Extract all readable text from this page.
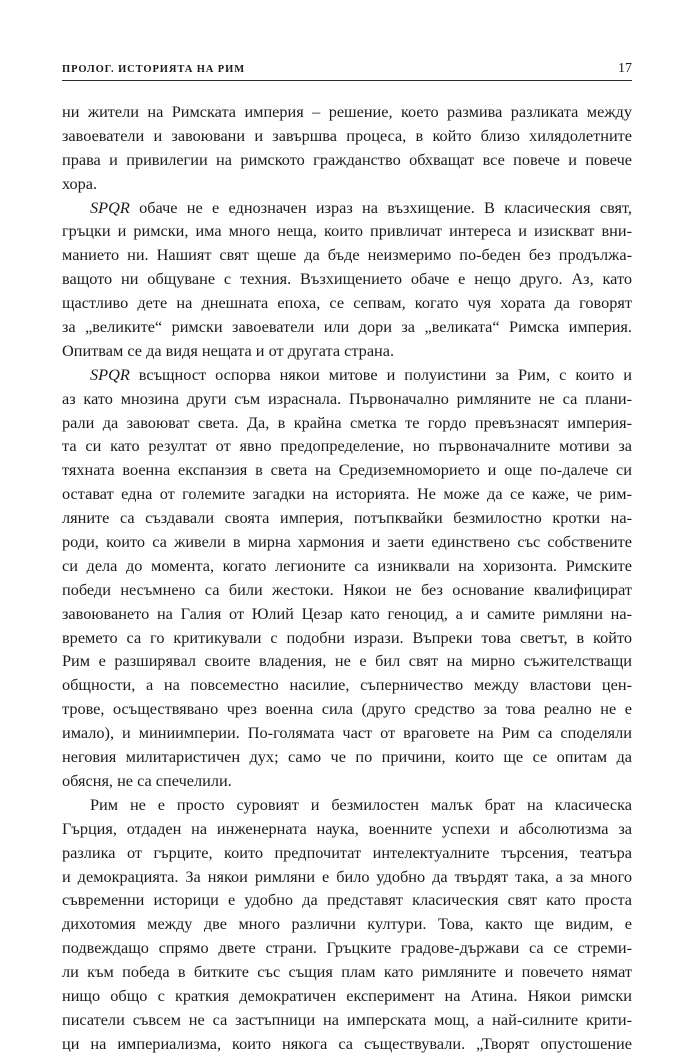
ПРОЛОГ. ИСТОРИЯТА НА РИМ	17
ни жители на Римската империя – решение, което размива разликата между
завоеватели и завоювани и завършва процеса, в който близо хилядолетните
права и привилегии на римското гражданство обхващат все повече и повече
хора.
SPQR обаче не е еднозначен израз на възхищение. В класическия свят,
гръцки и римски, има много неща, които привличат интереса и изискват вни-
манието ни. Нашият свят щеше да бъде неизмеримо по-беден без продължа-
ващото ни общуване с техния. Възхищението обаче е нещо друго. Аз, като
щастливо дете на днешната епоха, се сепвам, когато чуя хората да говорят
за „великите“ римски завоеватели или дори за „великата“ Римска империя.
Опитвам се да видя нещата и от другата страна.
SPQR всъщност оспорва някои митове и полуистини за Рим, с които и
аз като мнозина други съм израснала. Първоначално римляните не са плани-
рали да завоюват света. Да, в крайна сметка те гордо превъзнасят империя-
та си като резултат от явно предопределение, но първоначалните мотиви за
тяхната военна експанзия в света на Средиземноморието и още по-далече си
остават една от големите загадки на историята. Не може да се каже, че рим-
ляните са създавали своята империя, потъпквайки безмилостно кротки на-
роди, които са живели в мирна хармония и заети единствено със собствените
си дела до момента, когато легионите са изниквали на хоризонта. Римските
победи несъмнено са били жестоки. Някои не без основание квалифицират
завоюването на Галия от Юлий Цезар като геноцид, а и самите римляни на-
времето са го критикували с подобни изрази. Въпреки това светът, в който
Рим е разширявал своите владения, не е бил свят на мирно съжителстващи
общности, а на повсеместно насилие, съперничество между властови цен-
трове, осъществявано чрез военна сила (друго средство за това реално не е
имало), и миниимперии. По-голямата част от враговете на Рим са споделяли
неговия милитаристичен дух; само че по причини, които ще се опитам да
обясня, не са спечелили.
Рим не е просто суровият и безмилостен малък брат на класическа
Гърция, отдаден на инженерната наука, военните успехи и абсолютизма за
разлика от гърците, които предпочитат интелектуалните търсения, театъра
и демокрацията. За някои римляни е било удобно да твърдят така, а за много
съвременни историци е удобно да представят класическия свят като проста
дихотомия между две много различни култури. Това, както ще видим, е
подвеждащо спрямо двете страни. Гръцките градове-държави са се стреми-
ли към победа в битките със същия плам като римляните и повечето нямат
нищо общо с краткия демократичен експеримент на Атина. Някои римски
писатели съвсем не са застъпници на имперската мощ, а най-силните крити-
ци на империализма, които някога са съществували. „Творят опустошение
